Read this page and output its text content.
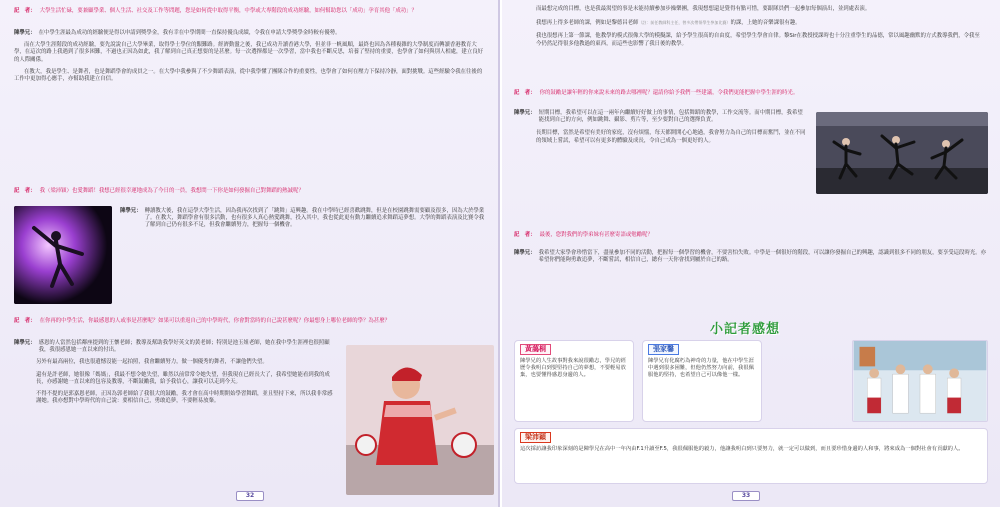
記　者： 大學生活忙碌，要兼顧學業、個人生活、社交及工作等問題，您是如何從中取得平衡，中學或大專階段的成功經驗，如何幫助您以「成功」孕育其他「成功」？
陳學兄： 在中學生涯最為成功的經驗便是得以申請到獎學金，我有幸在中學期間一直保持優良成績，令我在申請大學獎學金時較有優勢。

而在大學生涯階段的成功經驗，要先說說自己大學畢業，取得學士學位的艱難路。經濟動盪之後，我已成功升讀香港大學，但並非一帆風順，最終也因為各種複雜的大學制度而轉讀香港教育大學，在這次的路上我遇到了很多困難，不過也正因為如此，我了解到自己真正想要的是甚麼。每一次選擇都是一次學習，當中我也不斷反思，培養了堅持的重要，也學會了如何與別人相處，建立良好的人際關係。

在教大，我是學生、是舞者，也是舞蹈學會的成員之一。在大學中我參與了不少舞蹈表演，從中我學懂了團隊合作的重要性，也學會了如何在壓力下保持冷靜，面對挑戰。這些經驗令我在往後的工作中更加得心應手，亦幫助我建立自信。

記　者： 我（梁沛穎）也愛舞蹈！我想已經很幸運地成為了今日的一員，我想問一下你是如何發掘自己對舞蹈的熱誠呢？
陳學兄： 轉讀教大後，我在這學大學生活，因為我再次找到了「跳舞」這興趣。我在中學時已經喜歡跳舞，但是在校園跳舞需要顧及很多，因為大於學業了。在教大，舞蹈學會有很多活動，也有很多人真心熱愛跳舞，投入其中，我也從此更有動力繼續追求舞蹈這夢想。大學的舞蹈表演及比賽令我了解到自己仍有很多不足，但我會繼續努力，把握每一個機會。
記　者： 在你再的中學生活，你最感恩的人或事是甚麼呢？如果可以重返自己的中學時代，你會對當時的自己說甚麼呢？你最想身上哪位老師的學？為甚麼？
陳學兄： 感恩的人當然包括鄰座提到的王懷老師；教導及幫助我學好英文的黃老師；特別是池玉姐老師，她在我中學生涯裡也很照顧我，我很感恩她一直以來的付出。

另外有最高兩位，我也很遺憾沒能一起拍照，我會繼續努力，做一個優秀的舞者，不讓他們失望。

還有是許老師，她很像「媽媽」，我最不想令她失望，雖然以前常常令她失望，但我現在已經長大了，我希望她能看到我的成長，亦感謝她一直以來的包容及教導，不斷鼓勵我，給予我信心，讓我可以走到今天。

不得不提的是郭嘉恩老師，正因為郭老師給了我很大的鼓勵，我才會在高中時期開始學習舞蹈，並且堅持下來，所以我非常感謝她。我亦想對中學時代的自己說：要相信自己，勇敢追夢，不要輕易放棄。

32

而最想完成的目標，也是我最渴望的事是未能持續參加步操樂團，我現想想還是覺得有點可惜，要跟隊員們一起參加每個演出，並到處表演。

我想再上得多老師的課，例如是黎德昌老師（註：前任教師科主任，曾多次帶領學生參加比賽）的課，上她的音樂課很有趣。

我也很想再上第一節課，他教學的模式很像大學的模擬課，給予學生很高的自由度，希望學生學會自律。黎Sir在教授授課時也十分注重學生的品德，常以風趣幽默的方式教導我們，令我至今仍然記得很多他教過的東西，而這些也影響了我日後的教學。

記　者： 你的鼓勵是讓年輕的你來說未來的路去哪裡呢？還請你給予我們一些建議，令我們更能把握中學生涯的時光。
陳學兄： 短期目標，我希望可以在這一兩年內繼續好好做上的事情，包括舞蹈的教學，工作交流等。而中期目標，我希望能找到自己的方向，例如跳舞、攝影、剪片等，至少要對自己的選擇負責。

長期目標，當然是希望有美好的家庭，沒有煩惱，每天都開開心心地過，我會努力為自己的目標而奮鬥，並在不同的領域上嘗試，希望可以有更多的體驗及成長，令自己成為一個更好的人。

記　者： 最後，您對我們的學弟妹有甚麼寄語或勉勵呢？
陳學兄： 我希望大家學會珍惜當下，盡量參加不同的活動，把握每一個學習的機會，不要害怕失敗。中學是一個很好的階段，可以讓你發掘自己的興趣，認識到很多不同的朋友，要享受這段時光。亦希望你們能夠勇敢追夢，不斷嘗試，相信自己，總有一天你會找到屬於自己的路。
小記者感想
黃藹桐
陳學兄的人生故事對我來說很勵志，學兄的經歷令我明白到要堅持自己的夢想，不要輕易放棄，也要懂得感恩身邊的人。
張家馨
陳學兄有化腐朽為神奇的力量，他在中學生涯中遇到很多困難，但他仍然努力向前，我很佩服他的堅持，也希望自己可以像他一樣。
梁沛穎
這次採訪讓我印象深刻的是陳學兄在高中一年內由F.1升讀至F.5，我很佩服他的毅力，他讓我明白到只要努力，就一定可以做到，而且要珍惜身邊的人和事，將來成為一個對社會有貢獻的人。
33
